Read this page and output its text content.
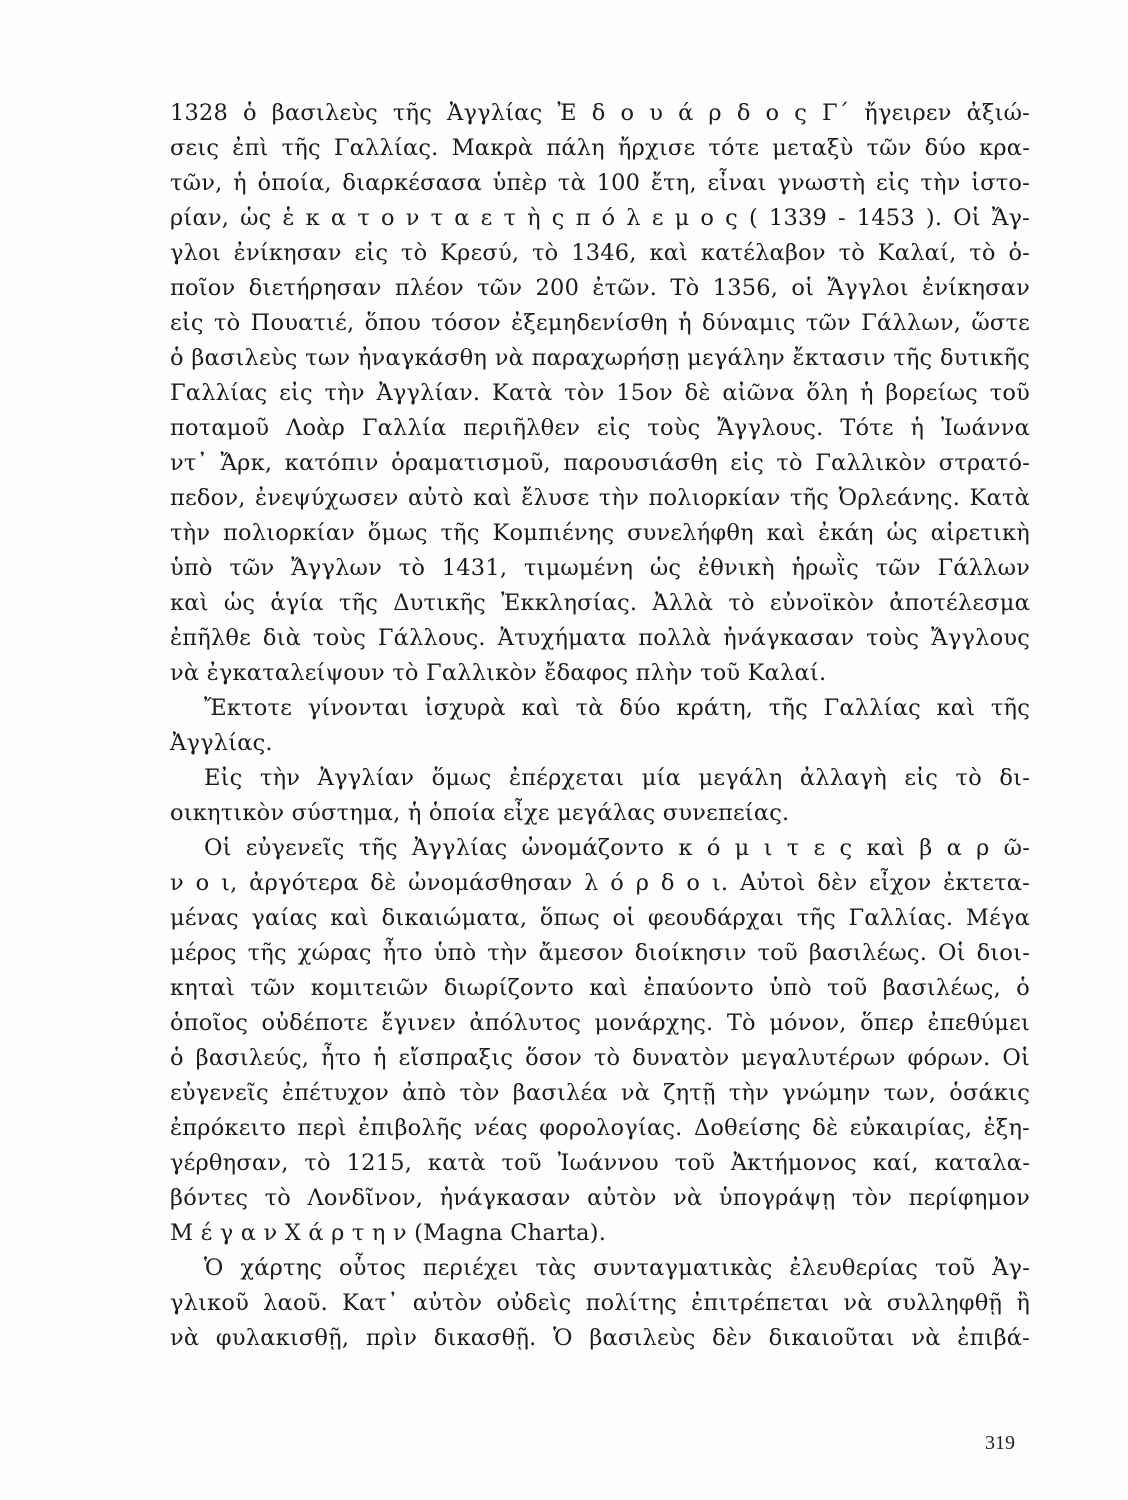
1328 ὁ βασιλεὺς τῆς Ἀγγλίας Ἐ δ ο υ ά ρ δ ο ς Γ´ ἤγειρεν ἀξιώ-
σεις ἐπὶ τῆς Γαλλίας. Μακρὰ πάλη ἤρχισε τότε μεταξὺ τῶν δύο κρα-
τῶν, ἡ ὁποία, διαρκέσασα ὑπὲρ τὰ 100 ἔτη, εἶναι γνωστὴ εἰς τὴν ἱστο-
ρίαν, ὡς ἑ κ α τ ο ν τ α ε τ ὴ ς π ό λ ε μ ο ς ( 1339 - 1453 ). Οἱ Ἄγ-
γλοι ἐνίκησαν εἰς τὸ Κρεσύ, τὸ 1346, καὶ κατέλαβον τὸ Καλαί, τὸ ὁ-
ποῖον διετήρησαν πλέον τῶν 200 ἐτῶν. Τὸ 1356, οἱ Ἄγγλοι ἐνίκησαν
εἰς τὸ Πουατιέ, ὅπου τόσον ἐξεμηδενίσθη ἡ δύναμις τῶν Γάλλων, ὥστε
ὁ βασιλεὺς των ἠναγκάσθη νὰ παραχωρήσῃ μεγάλην ἔκτασιν τῆς δυτικῆς
Γαλλίας εἰς τὴν Ἀγγλίαν. Κατὰ τὸν 15ον δὲ αἰῶνα ὅλη ἡ βορείως τοῦ
ποταμοῦ Λοὰρ Γαλλία περιῆλθεν εἰς τοὺς Ἄγγλους. Τότε ἡ Ἰωάννα
ντ᾿ Ἄρκ, κατόπιν ὁραματισμοῦ, παρουσιάσθη εἰς τὸ Γαλλικὸν στρατό-
πεδον, ἐνεψύχωσεν αὐτὸ καὶ ἔλυσε τὴν πολιορκίαν τῆς Ὀρλεάνης. Κατὰ
τὴν πολιορκίαν ὅμως τῆς Κομπιένης συνελήφθη καὶ ἐκάη ὡς αἱρετικὴ
ὑπὸ τῶν Ἄγγλων τὸ 1431, τιμωμένη ὡς ἐθνικὴ ἡρωῒς τῶν Γάλλων
καὶ ὡς ἁγία τῆς Δυτικῆς Ἐκκλησίας. Ἀλλὰ τὸ εὐνοϊκὸν ἀποτέλεσμα
ἐπῆλθε διὰ τοὺς Γάλλους. Ἀτυχήματα πολλὰ ἠνάγκασαν τοὺς Ἄγγλους
νὰ ἐγκαταλείψουν τὸ Γαλλικὸν ἔδαφος πλὴν τοῦ Καλαί.

Ἔκτοτε γίνονται ἰσχυρὰ καὶ τὰ δύο κράτη, τῆς Γαλλίας καὶ τῆς
Ἀγγλίας.

Εἰς τὴν Ἀγγλίαν ὅμως ἐπέρχεται μία μεγάλη ἀλλαγὴ εἰς τὸ δι-
οικητικὸν σύστημα, ἡ ὁποία εἶχε μεγάλας συνεπείας.

Οἱ εὐγενεῖς τῆς Ἀγγλίας ὠνομάζοντο κ ό μ ι τ ε ς καὶ β α ρ ῶ-
ν ο ι, ἀργότερα δὲ ὠνομάσθησαν λ ό ρ δ ο ι. Αὐτοὶ δὲν εἶχον ἐκτετα-
μένας γαίας καὶ δικαιώματα, ὅπως οἱ φεουδάρχαι τῆς Γαλλίας. Μέγα
μέρος τῆς χώρας ἦτο ὑπὸ τὴν ἄμεσον διοίκησιν τοῦ βασιλέως. Οἱ διοι-
κηταὶ τῶν κομιτειῶν διωρίζοντο καὶ ἐπαύοντο ὑπὸ τοῦ βασιλέως, ὁ
ὁποῖος οὐδέποτε ἔγινεν ἀπόλυτος μονάρχης. Τὸ μόνον, ὅπερ ἐπεθύμει
ὁ βασιλεύς, ἦτο ἡ εἴσπραξις ὅσον τὸ δυνατὸν μεγαλυτέρων φόρων. Οἱ
εὐγενεῖς ἐπέτυχον ἀπὸ τὸν βασιλέα νὰ ζητῇ τὴν γνώμην των, ὁσάκις
ἐπρόκειτο περὶ ἐπιβολῆς νέας φορολογίας. Δοθείσης δὲ εὐκαιρίας, ἐξη-
γέρθησαν, τὸ 1215, κατὰ τοῦ Ἰωάννου τοῦ Ἀκτήμονος καί, καταλα-
βόντες τὸ Λονδῖνον, ἠνάγκασαν αὐτὸν νὰ ὑπογράψῃ τὸν περίφημον
Μ έ γ α ν Χ ά ρ τ η ν (Magna Charta).

Ὁ χάρτης οὗτος περιέχει τὰς συνταγματικὰς ἐλευθερίας τοῦ Ἀγ-
γλικοῦ λαοῦ. Κατ᾿ αὐτὸν οὐδεὶς πολίτης ἐπιτρέπεται νὰ συλληφθῇ ἢ
νὰ φυλακισθῇ, πρὶν δικασθῇ. Ὁ βασιλεὺς δὲν δικαιοῦται νὰ ἐπιβά-

319
